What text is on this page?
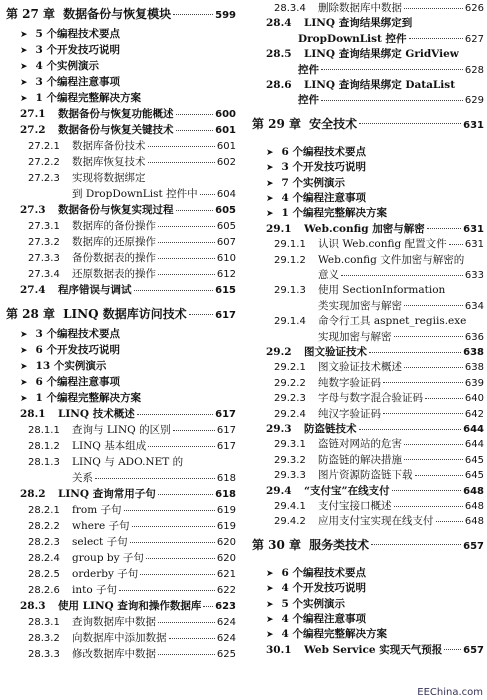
第 27 章 数据备份与恢复模块	599
➤ 5 个编程技术要点
➤ 3 个开发技巧说明
➤ 4 个实例演示
➤ 3 个编程注意事项
➤ 1 个编程完整解决方案
27.1	数据备份与恢复功能概述	600
27.2	数据备份与恢复关键技术	601
27.2.1	数据库备份技术	601
27.2.2	数据库恢复技术	602
27.2.3	实现将数据绑定
到 DropDownList 控件中 604
27.3	数据备份与恢复实现过程	605
27.3.1	数据库的备份操作	605
27.3.2	数据库的还原操作	607
27.3.3	备份数据表的操作	610
27.3.4	还原数据表的操作	612
27.4	程序错误与调试	615
第 28 章 LINQ 数据库访问技术	617
➤ 3 个编程技术要点
➤ 6 个开发技巧说明
➤ 13 个实例演示
➤ 6 个编程注意事项
➤ 1 个编程完整解决方案
28.1	LINQ 技术概述	617
28.1.1	查询与 LINQ 的区别	617
28.1.2	LINQ 基本组成	617
28.1.3	LINQ 与 ADO.NET 的
关系	618
28.2	LINQ 查询常用子句	618
28.2.1	from 子句	619
28.2.2	where 子句	619
28.2.3	select 子句	620
28.2.4	group by 子句	620
28.2.5	orderby 子句	621
28.2.6	into 子句	622
28.3	使用 LINQ 查询和操作数据库 623
28.3.1	查询数据库中数据	624
28.3.2	向数据库中添加数据	624
28.3.3	修改数据库中数据	625
28.3.4	删除数据库中数据	626
28.4	LINQ 查询结果绑定到
DropDownList 控件	627
28.5	LINQ 查询结果绑定 GridView
控件	628
28.6	LINQ 查询结果绑定 DataList
控件	629
第 29 章 安全技术	631
➤ 6 个编程技术要点
➤ 3 个开发技巧说明
➤ 7 个实例演示
➤ 4 个编程注意事项
➤ 1 个编程完整解决方案
29.1	Web.config 加密与解密	631
29.1.1	认识 Web.config 配置文件 631
29.1.2	Web.config 文件加密与解密的
意义	633
29.1.3	使用 SectionInformation
类实现加密与解密	634
29.1.4	命令行工具 aspnet_regiis.exe
实现加密与解密	636
29.2	图文验证技术	638
29.2.1	图文验证技术概述	638
29.2.2	纯数字验证码	639
29.2.3	字母与数字混合验证码	640
29.2.4	纯汉字验证码	642
29.3	防盗链技术	644
29.3.1	盗链对网站的危害	644
29.3.2	防盗链的解决措施	645
29.3.3	图片资源防盗链下载	645
29.4	“支付宝”在线支付	648
29.4.1	支付宝接口概述	648
29.4.2	应用支付宝实现在线支付	648
第 30 章 服务类技术	657
➤ 6 个编程技术要点
➤ 4 个开发技巧说明
➤ 5 个实例演示
➤ 4 个编程注意事项
➤ 4 个编程完整解决方案
30.1	Web Service 实现天气预报 657
EEChina.com
